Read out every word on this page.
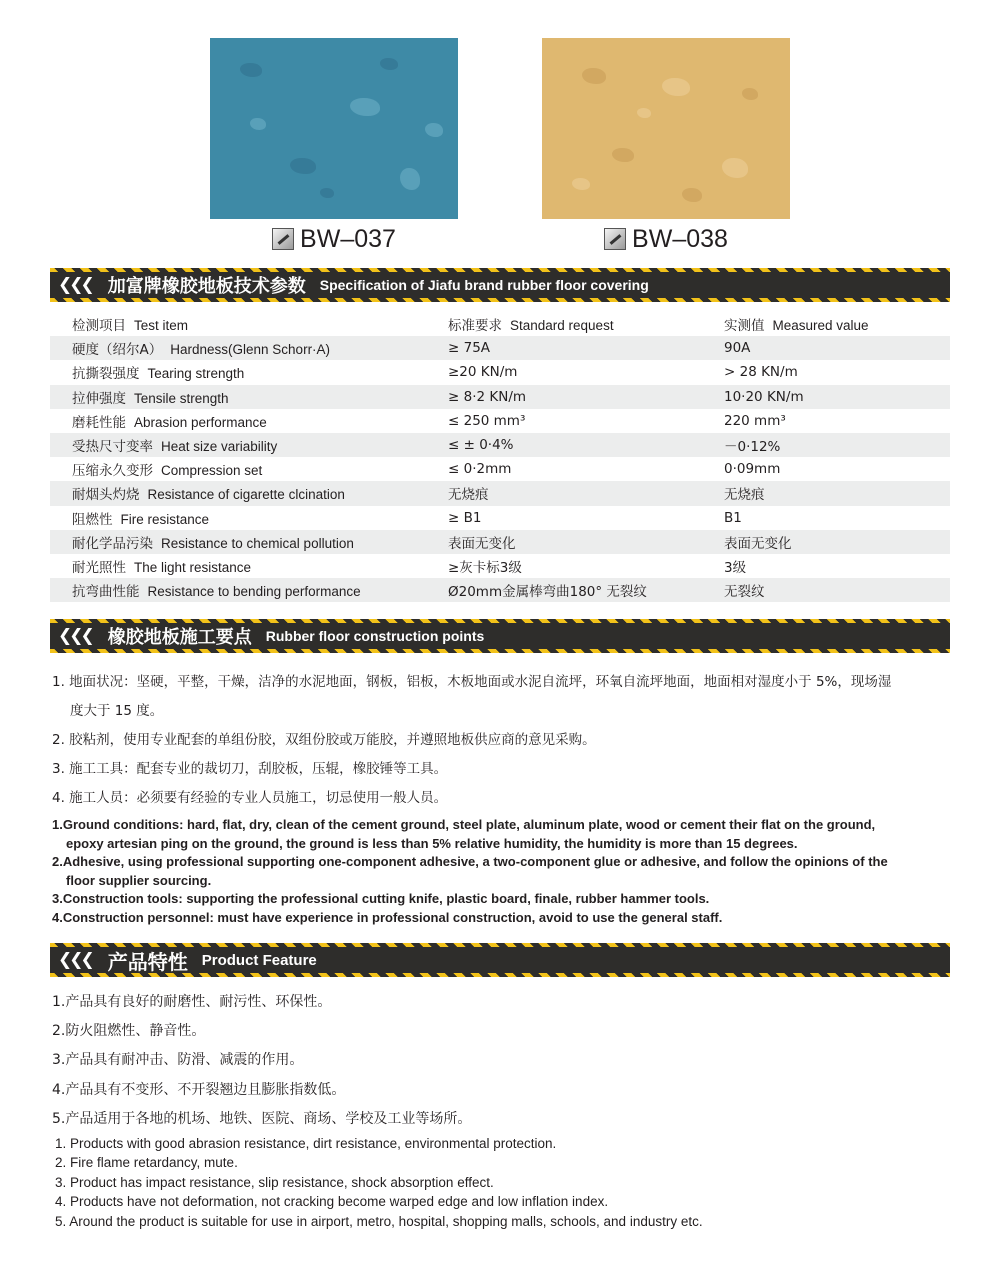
BW–037	BW–038
❮❮❮ 加富牌橡胶地板技术参数 Specification of Jiafu brand rubber floor covering
检测项目 Test item	标准要求 Standard request	实测值 Measured value
硬度（绍尔A） Hardness(Glenn Schorr·A)	≥ 75A	90A
抗撕裂强度 Tearing strength	≥20 KN/m	> 28 KN/m
拉伸强度 Tensile strength	≥ 8·2 KN/m	10·20 KN/m
磨耗性能 Abrasion performance	≤ 250 mm³	220 mm³
受热尺寸变率 Heat size variability	≤ ± 0·4%	－0·12%
压缩永久变形 Compression set	≤ 0·2mm	0·09mm
耐烟头灼烧 Resistance of cigarette clcination	无烧痕	无烧痕
阻燃性 Fire resistance	≥ B1	B1
耐化学品污染 Resistance to chemical pollution	表面无变化	表面无变化
耐光照性 The light resistance	≥灰卡标3级	3级
抗弯曲性能 Resistance to bending performance	Ø20mm金属棒弯曲180° 无裂纹	无裂纹
❮❮❮ 橡胶地板施工要点 Rubber floor construction points

1. 地面状况：坚硬，平整，干燥，洁净的水泥地面，钢板，铝板，木板地面或水泥自流坪，环氧自流坪地面，地面相对湿度小于 5%，现场湿

度大于 15 度。

2. 胶粘剂，使用专业配套的单组份胶，双组份胶或万能胶，并遵照地板供应商的意见采购。

3. 施工工具：配套专业的裁切刀，刮胶板，压辊，橡胶锤等工具。

4. 施工人员：必须要有经验的专业人员施工，切忌使用一般人员。

1.Ground conditions: hard, flat, dry, clean of the cement ground, steel plate, aluminum plate, wood or cement their flat on the ground,

epoxy artesian ping on the ground, the ground is less than 5% relative humidity, the humidity is more than 15 degrees.

2.Adhesive, using professional supporting one-component adhesive, a two-component glue or adhesive, and follow the opinions of the

floor supplier sourcing.

3.Construction tools: supporting the professional cutting knife, plastic board, finale, rubber hammer tools.

4.Construction personnel: must have experience in professional construction, avoid to use the general staff.

❮❮❮ 产品特性 Product Feature

1.产品具有良好的耐磨性、耐污性、环保性。

2.防火阻燃性、静音性。

3.产品具有耐冲击、防滑、减震的作用。

4.产品具有不变形、不开裂翘边且膨胀指数低。

5.产品适用于各地的机场、地铁、医院、商场、学校及工业等场所。

1. Products with good abrasion resistance, dirt resistance, environmental protection.

2. Fire flame retardancy, mute.

3. Product has impact resistance, slip resistance, shock absorption effect.

4. Products have not deformation, not cracking become warped edge and low inflation index.

5. Around the product is suitable for use in airport, metro, hospital, shopping malls, schools, and industry etc.
